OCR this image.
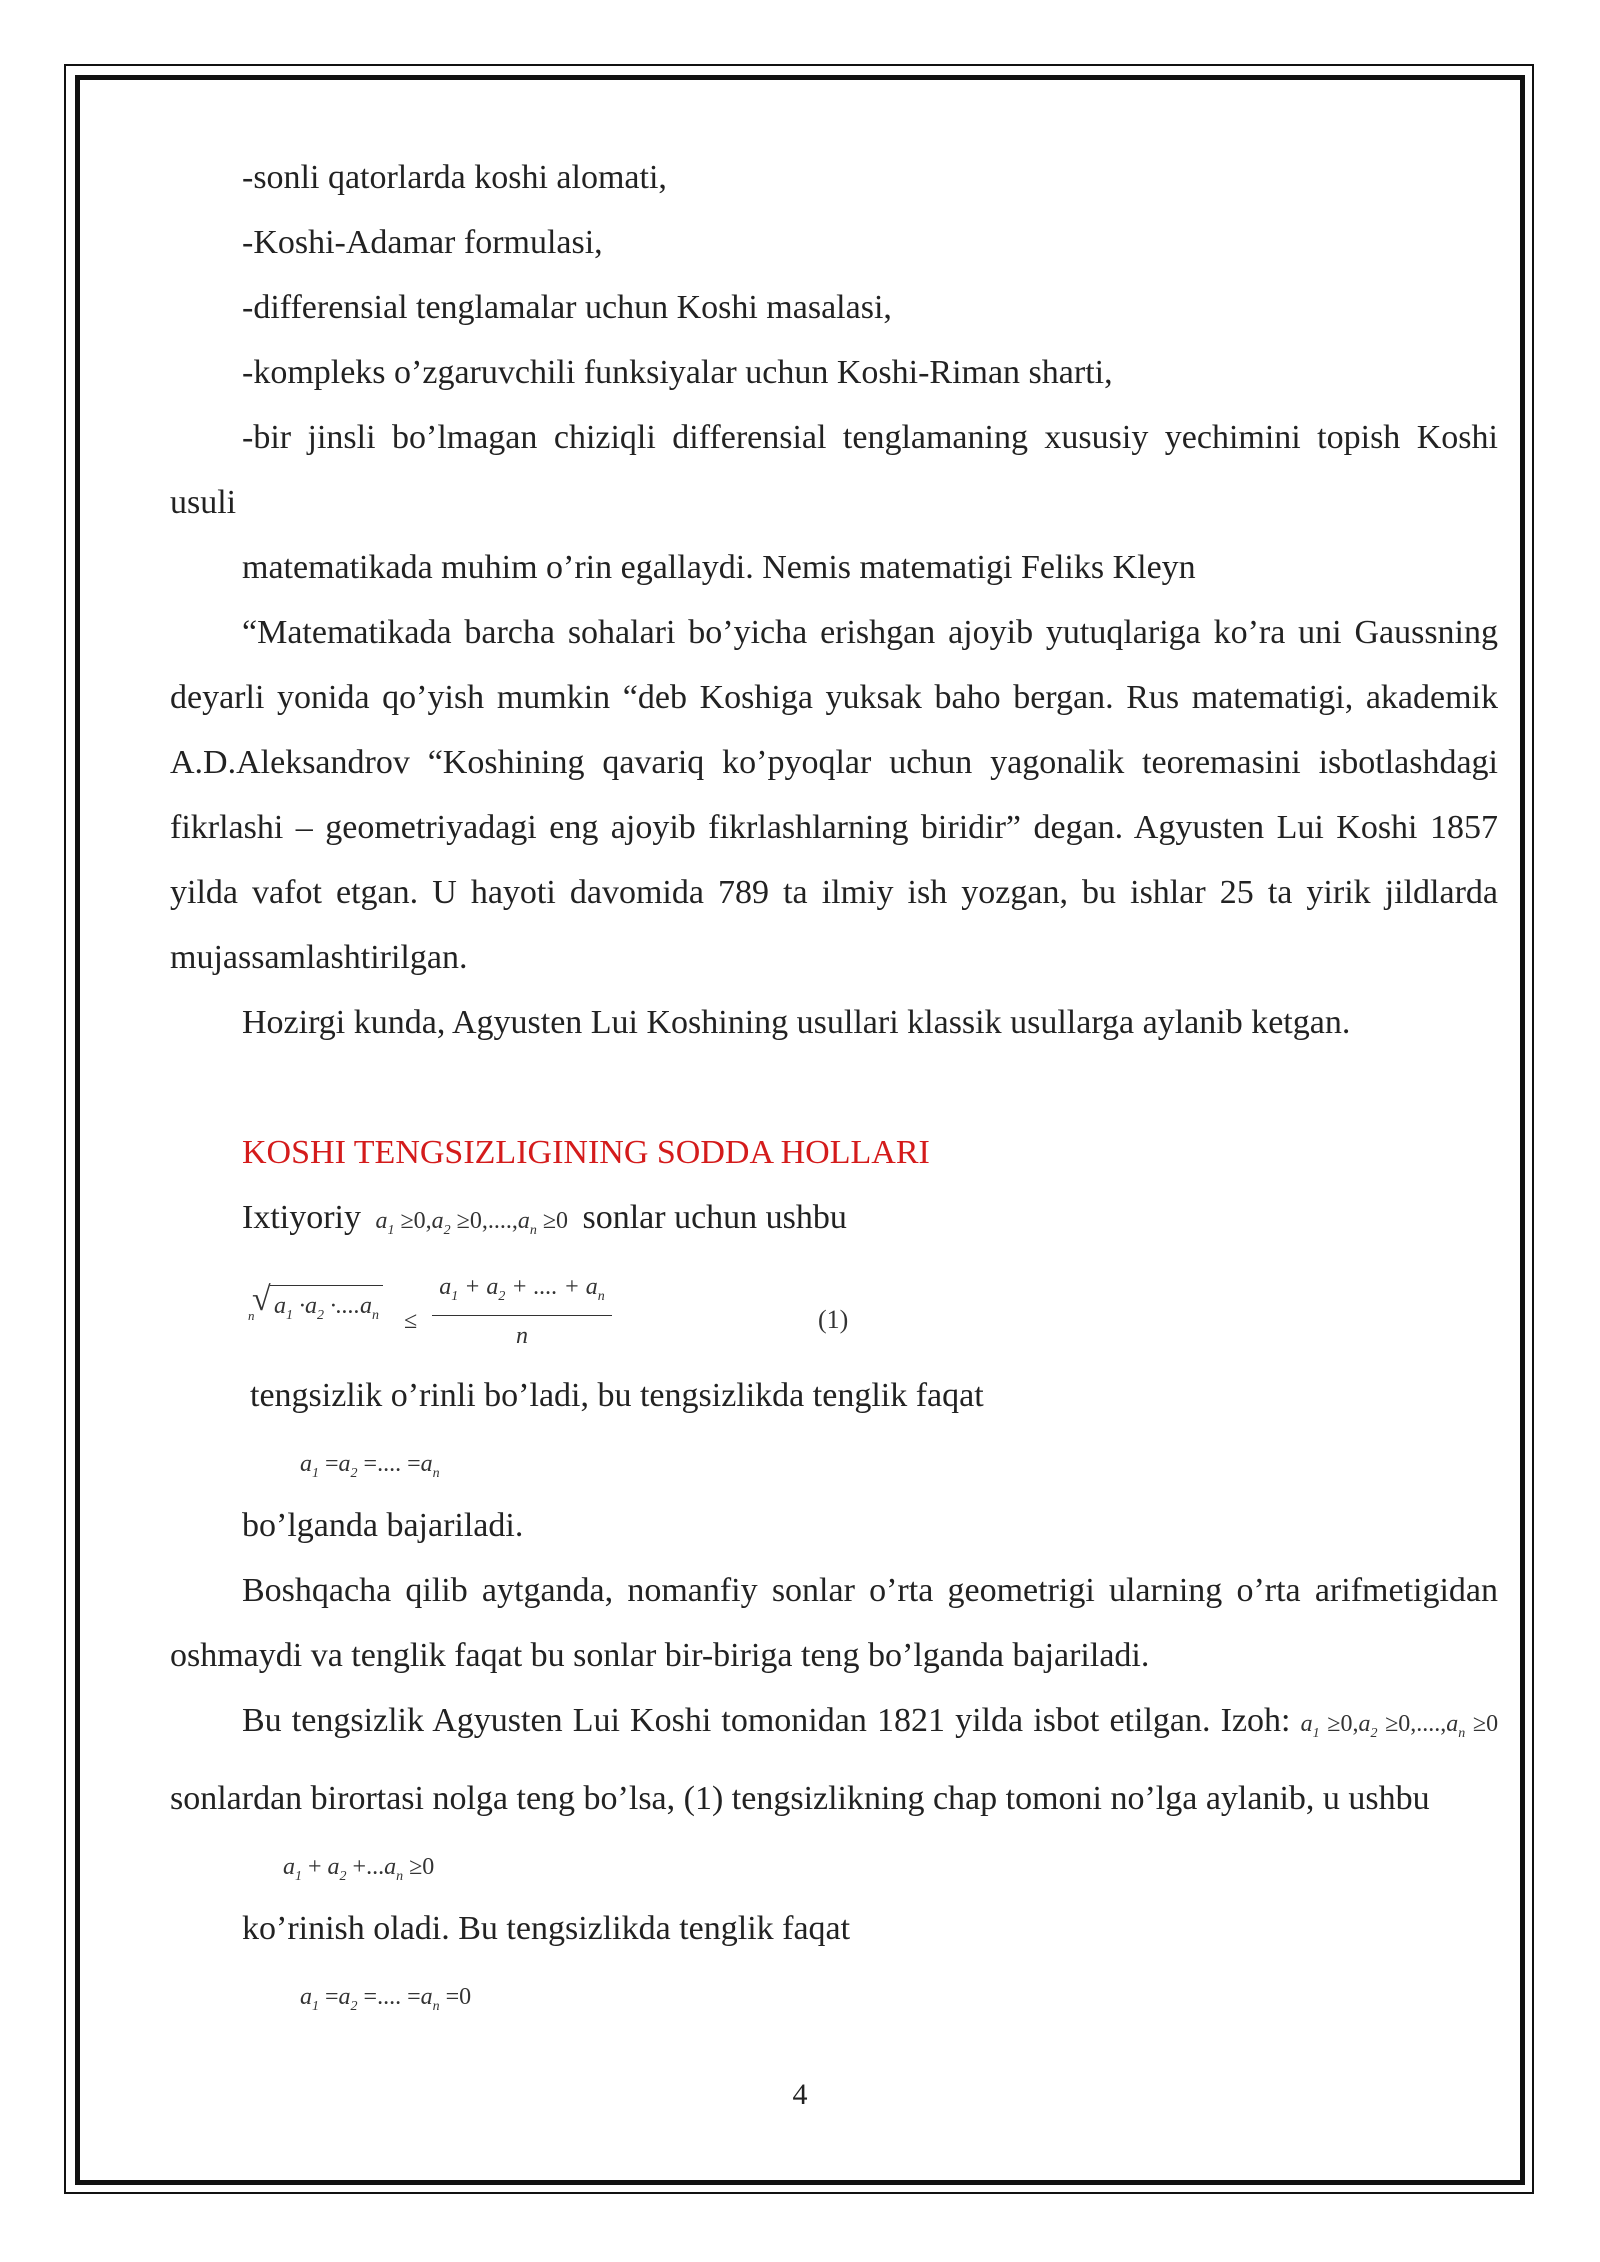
-sonli qatorlarda koshi alomati,

-Koshi-Adamar formulasi,

-differensial tenglamalar uchun Koshi masalasi,

-kompleks o’zgaruvchili funksiyalar uchun Koshi-Riman sharti,

-bir jinsli bo’lmagan chiziqli differensial tenglamaning xususiy yechimini topish Koshi usuli

matematikada muhim o’rin egallaydi. Nemis matematigi Feliks Kleyn

“Matematikada barcha sohalari bo’yicha erishgan ajoyib yutuqlariga ko’ra uni Gaussning deyarli yonida qo’yish mumkin “deb Koshiga yuksak baho bergan. Rus matematigi, akademik A.D.Aleksandrov “Koshining qavariq ko’pyoqlar uchun yagonalik teoremasini isbotlashdagi fikrlashi – geometriyadagi eng ajoyib fikrlashlarning biridir” degan. Agyusten Lui Koshi 1857 yilda vafot etgan. U hayoti davomida 789 ta ilmiy ish yozgan, bu ishlar 25 ta yirik jildlarda mujassamlashtirilgan.

Hozirgi kunda, Agyusten Lui Koshining usullari klassik usullarga aylanib ketgan.

KOSHI TENGSIZLIGINING SODDA HOLLARI

Ixtiyoriy  $a_1 \ge 0,a_2 \ge 0,....,a_n \ge 0$ sonlar uchun ushbu

n
√ $a_1 \cdot a_2 \cdot....a_n \le \frac{a_1 + a_2 + .... + a_n}{n}$	(1)

tengsizlik o’rinli bo’ladi, bu tengsizlikda tenglik faqat

$a_1 =a_2$ =.... $=a_n$

bo’lganda bajariladi.

Boshqacha qilib aytganda, nomanfiy sonlar o’rta geometrigi ularning o’rta arifmetigidan oshmaydi va tenglik faqat bu sonlar bir-biriga teng bo’lganda bajariladi.

Bu tengsizlik Agyusten Lui Koshi tomonidan 1821 yilda isbot etilgan. Izoh: $a_1 \ge 0,a_2 \ge 0,....,a_n \ge 0$ sonlardan birortasi nolga teng bo’lsa, (1) tengsizlikning chap tomoni no’lga aylanib, u ushbu

$a_1 + a_2 +...a_n \ge 0$

ko’rinish oladi. Bu tengsizlikda tenglik faqat

$a_1 =a_2$ =.... $=a_n =0$
4
